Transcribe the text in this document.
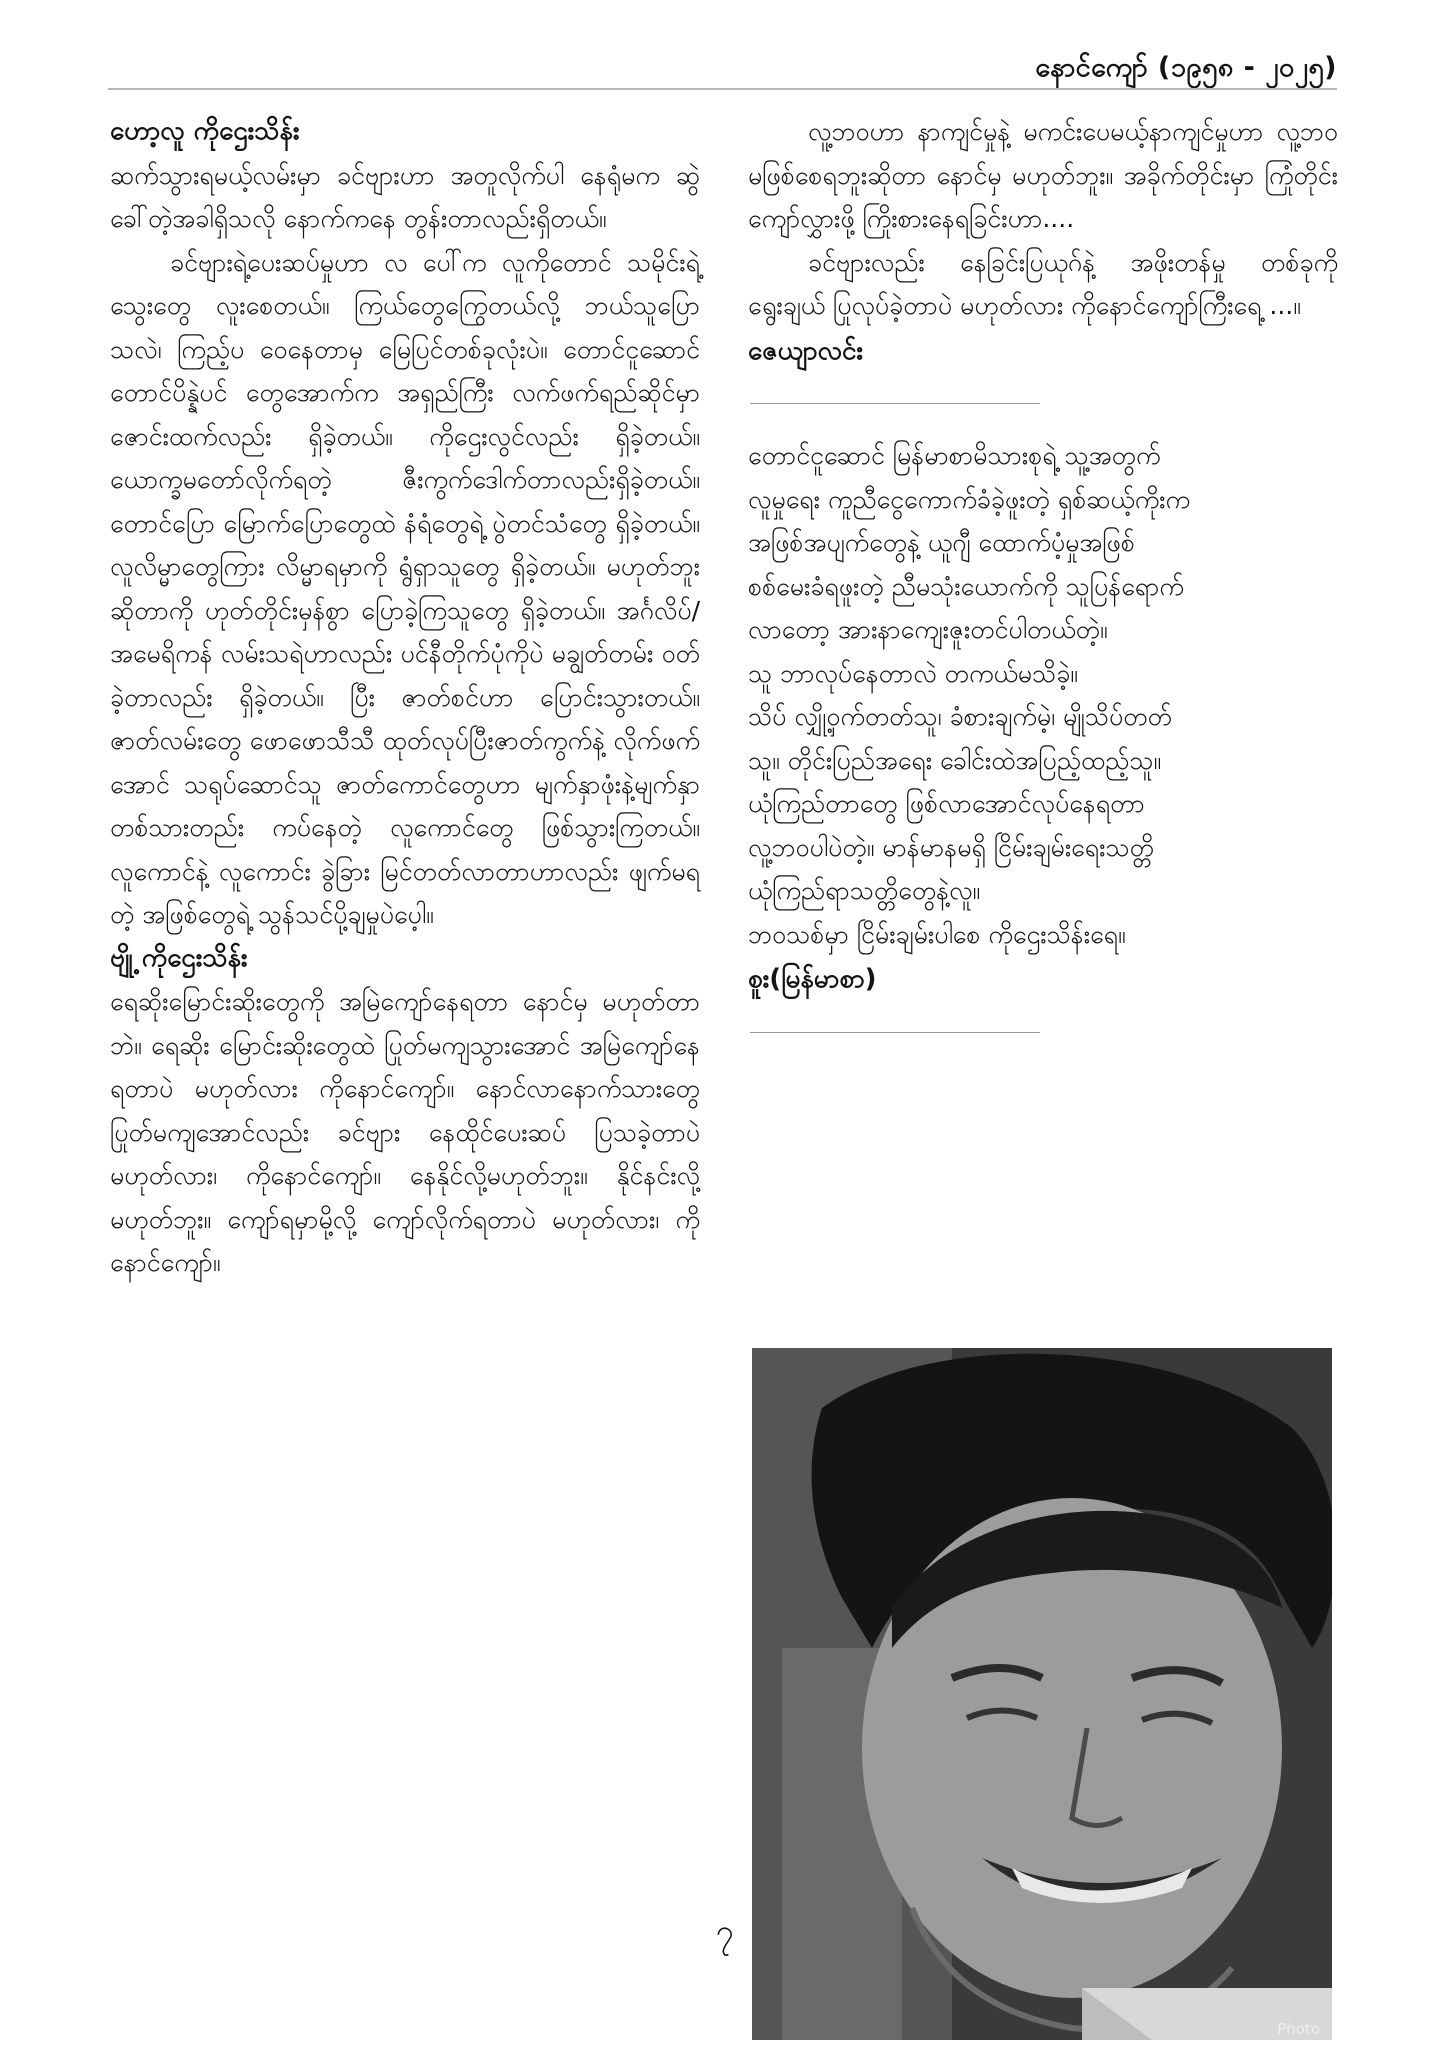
နောင်ကျော် (၁၉၅၈ - ၂၀၂၅)

ဟော့လူ ကိုဌေးသိန်း

ဆက်သွားရမယ့်လမ်းမှာ ခင်ဗျားဟာ အတူလိုက်ပါ နေရုံမက ဆွဲခေါ်တဲ့အခါရှိသလို နောက်ကနေ တွန်းတာလည်းရှိတယ်။

ခင်ဗျားရဲ့ပေးဆပ်မှုဟာ လ ပေါ်က လူကိုတောင် သမိုင်းရဲ့သွေးတွေ လူးစေတယ်။ ကြယ်တွေကြွေတယ်လို့ ဘယ်သူပြောသလဲ၊ ကြည့်ပ ဝေနေတာမှ မြေပြင်တစ်ခုလုံးပဲ။ တောင်ငူဆောင် တောင်ပိန္နဲပင် တွေအောက်က အရှည်ကြီး လက်ဖက်ရည်ဆိုင်မှာ ဇောင်းထက်လည်း ရှိခဲ့တယ်။ ကိုဌေးလွင်လည်း ရှိခဲ့တယ်။ ယောက္ခမတော်လိုက်ရတဲ့ ဇီးကွက်ဒေါက်တာလည်းရှိခဲ့တယ်။ တောင်ပြော မြောက်ပြောတွေထဲ နံရံတွေရဲ့ ပွဲတင်သံတွေ ရှိခဲ့တယ်။ လူလိမ္မာတွေကြား လိမ္မာရမှာကို ရွံရှာသူတွေ ရှိခဲ့တယ်။ မဟုတ်ဘူးဆိုတာကို ဟုတ်တိုင်းမှန်စွာ ပြောခဲ့ကြသူတွေ ရှိခဲ့တယ်။ အင်္ဂလိပ်/ အမေရိကန် လမ်းသရဲဟာလည်း ပင်နီတိုက်ပုံကိုပဲ မချွတ်တမ်း ဝတ်ခဲ့တာလည်း ရှိခဲ့တယ်။ ပြီး ဇာတ်စင်ဟာ ပြောင်းသွားတယ်။ ဇာတ်လမ်းတွေ ဖောဖောသီသီ ထုတ်လုပ်ပြီးဇာတ်ကွက်နဲ့ လိုက်ဖက်အောင် သရုပ်ဆောင်သူ ဇာတ်ကောင်တွေဟာ မျက်နှာဖုံးနဲ့မျက်နှာ တစ်သားတည်း ကပ်နေတဲ့ လူကောင်တွေ ဖြစ်သွားကြတယ်။ လူကောင်နဲ့ လူကောင်း ခွဲခြား မြင်တတ်လာတာဟာလည်း ဖျက်မရတဲ့ အဖြစ်တွေရဲ့ သွန်သင်ပို့ချမှုပဲပေ့ါ။

ဗျို့ ကိုဌေးသိန်း

ရေဆိုးမြောင်းဆိုးတွေကို အမြဲကျော်နေရတာ နောင်မှ မဟုတ်တာဘဲ။ ရေဆိုး မြောင်းဆိုးတွေထဲ ပြုတ်မကျသွားအောင် အမြဲကျော်နေရတာပဲ မဟုတ်လား ကိုနောင်ကျော်။ နောင်လာနောက်သားတွေ ပြုတ်မကျအောင်လည်း ခင်ဗျား နေထိုင်ပေးဆပ် ပြသခဲ့တာပဲ မဟုတ်လား၊ ကိုနောင်ကျော်။ နေနိုင်လို့မဟုတ်ဘူး။ နိုင်နင်းလို့ မဟုတ်ဘူး။ ကျော်ရမှာမို့လို့ ကျော်လိုက်ရတာပဲ မဟုတ်လား၊ ကိုနောင်ကျော်။

လူ့ဘဝဟာ နာကျင်မှုနဲ့ မကင်းပေမယ့်နာကျင်မှုဟာ လူ့ဘဝ မဖြစ်စေရဘူးဆိုတာ နောင်မှ မဟုတ်ဘူး။ အခိုက်တိုင်းမှာ ကြုံတိုင်း ကျော်လွှားဖို့ ကြိုးစားနေရခြင်းဟာ....

ခင်ဗျားလည်း နေခြင်းပြယုဂ်နဲ့ အဖိုးတန်မှု တစ်ခုကို ရွေးချယ် ပြုလုပ်ခဲ့တာပဲ မဟုတ်လား ကိုနောင်ကျော်ကြီးရေ့ ...။

ဇေယျာလင်း

တောင်ငူဆောင် မြန်မာစာမိသားစုရဲ့ သူ့အတွက်
လူမှုရေး ကူညီငွေကောက်ခံခဲ့ဖူးတဲ့ ရှစ်ဆယ့်ကိုးက
အဖြစ်အပျက်တွေနဲ့ ယူဂျီ ထောက်ပံ့မှုအဖြစ်
စစ်မေးခံရဖူးတဲ့ ညီမသုံးယောက်ကို သူပြန်ရောက်
လာတော့ အားနာကျေးဇူးတင်ပါတယ်တဲ့။
သူ ဘာလုပ်နေတာလဲ တကယ်မသိခဲ့။
သိပ် လျှို့ဝှက်တတ်သူ၊ ခံစားချက်မဲ့၊ မျိုသိပ်တတ်
သူ။ တိုင်းပြည်အရေး ခေါင်းထဲအပြည့်ထည့်သူ။
ယုံကြည်တာတွေ ဖြစ်လာအောင်လုပ်နေရတာ
လူ့ဘဝပါပဲတဲ့။ မာန်မာနမရှိ ငြိမ်းချမ်းရေးသတ္တိ
ယုံကြည်ရာသတ္တိတွေနဲ့လူ။
ဘဝသစ်မှာ ငြိမ်းချမ်းပါစေ ကိုဌေးသိန်းရေ။

စူး(မြန်မာစာ)

Photo
၇
